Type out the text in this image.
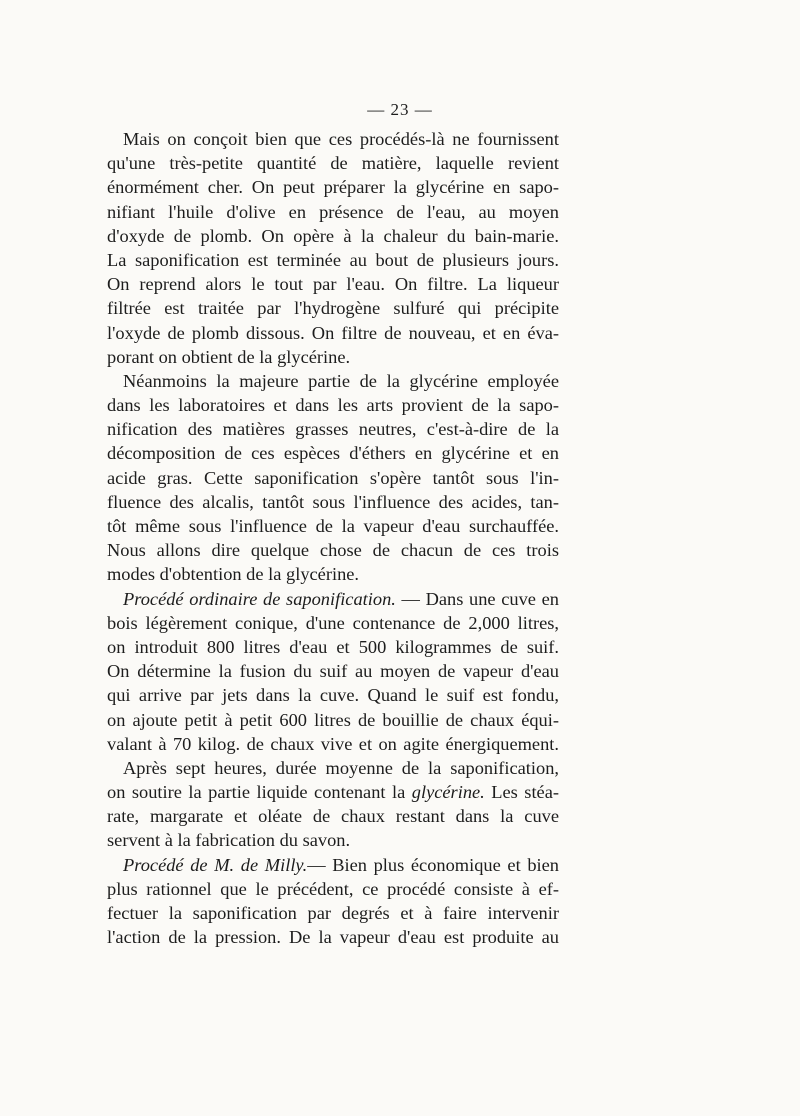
— 23 —
Mais on conçoit bien que ces procédés-là ne fournissent
qu'une très-petite quantité de matière, laquelle revient
énormément cher. On peut préparer la glycérine en sapo-
nifiant l'huile d'olive en présence de l'eau, au moyen
d'oxyde de plomb. On opère à la chaleur du bain-marie.
La saponification est terminée au bout de plusieurs jours.
On reprend alors le tout par l'eau. On filtre. La liqueur
filtrée est traitée par l'hydrogène sulfuré qui précipite
l'oxyde de plomb dissous. On filtre de nouveau, et en éva-
porant on obtient de la glycérine.
Néanmoins la majeure partie de la glycérine employée
dans les laboratoires et dans les arts provient de la sapo-
nification des matières grasses neutres, c'est-à-dire de la
décomposition de ces espèces d'éthers en glycérine et en
acide gras. Cette saponification s'opère tantôt sous l'in-
fluence des alcalis, tantôt sous l'influence des acides, tan-
tôt même sous l'influence de la vapeur d'eau surchauffée.
Nous allons dire quelque chose de chacun de ces trois
modes d'obtention de la glycérine.
Procédé ordinaire de saponification. — Dans une cuve en
bois légèrement conique, d'une contenance de 2,000 litres,
on introduit 800 litres d'eau et 500 kilogrammes de suif.
On détermine la fusion du suif au moyen de vapeur d'eau
qui arrive par jets dans la cuve. Quand le suif est fondu,
on ajoute petit à petit 600 litres de bouillie de chaux équi-
valant à 70 kilog. de chaux vive et on agite énergiquement.
Après sept heures, durée moyenne de la saponification,
on soutire la partie liquide contenant la glycérine. Les stéa-
rate, margarate et oléate de chaux restant dans la cuve
servent à la fabrication du savon.
Procédé de M. de Milly.— Bien plus économique et bien
plus rationnel que le précédent, ce procédé consiste à ef-
fectuer la saponification par degrés et à faire intervenir
l'action de la pression. De la vapeur d'eau est produite au
